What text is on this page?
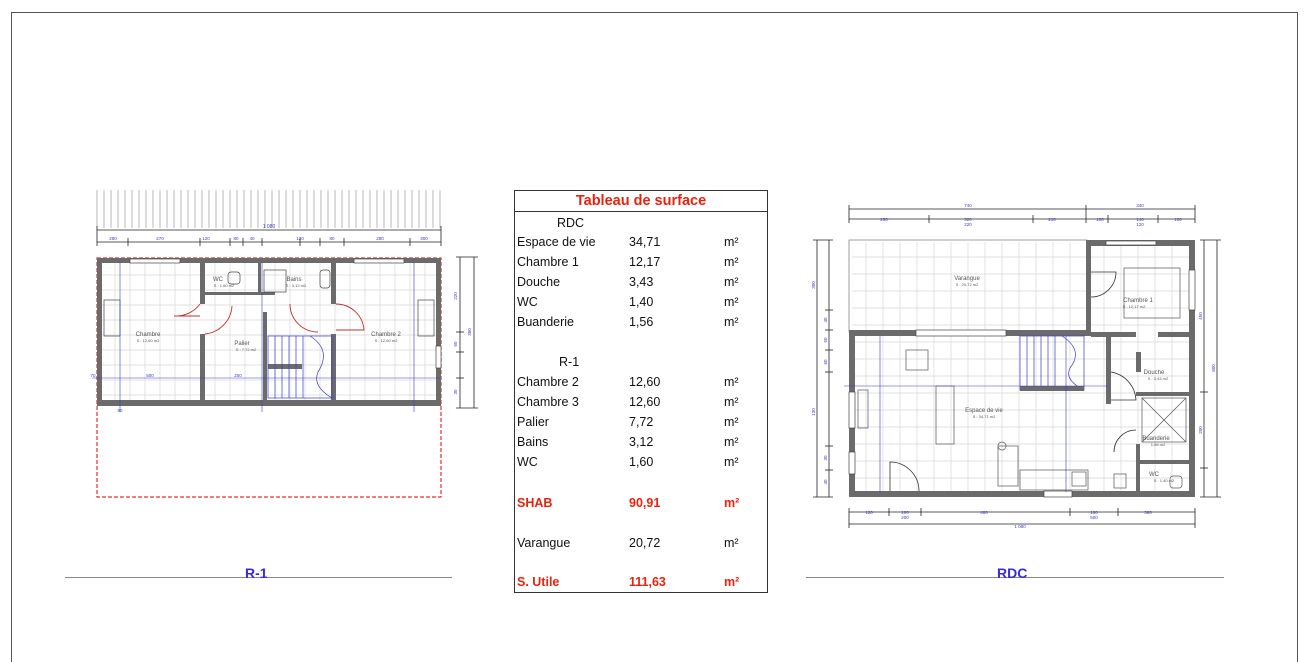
1 080
280	270	120	80 40	120	80	280	300
220
60
360
30
500	200
70
90
Chambre
WC	Bains
Palier
Chambre 2
S : 12,60 m2
S : 1,60 m2	S : 3,12 m2
S : 7,72 m2
S : 12,60 m2
740	340
250	320	210	100	140	100
220	120
300
40
50
60
130
30
40
450
800
200
120	100	480	160	360
200	500
1 080
Varangue
Chambre 1
Espace de vie
Douche
Buanderie
WC
S : 20,72 m2
S : 12,17 m2
S : 34,71 m2
S : 3,43 m2
1,56 m2
S : 1,40 m2
Tableau de surface
RDC
Espace de vie	34,71	m²
Chambre 1	12,17	m²
Douche	3,43	m²
WC	1,40	m²
Buanderie	1,56	m²
R-1
Chambre 2	12,60	m²
Chambre 3	12,60	m²
Palier	7,72	m²
Bains	3,12	m²
WC	1,60	m²
SHAB	90,91	m²
Varangue	20,72	m²
S. Utile	111,63	m²
R-1	RDC
